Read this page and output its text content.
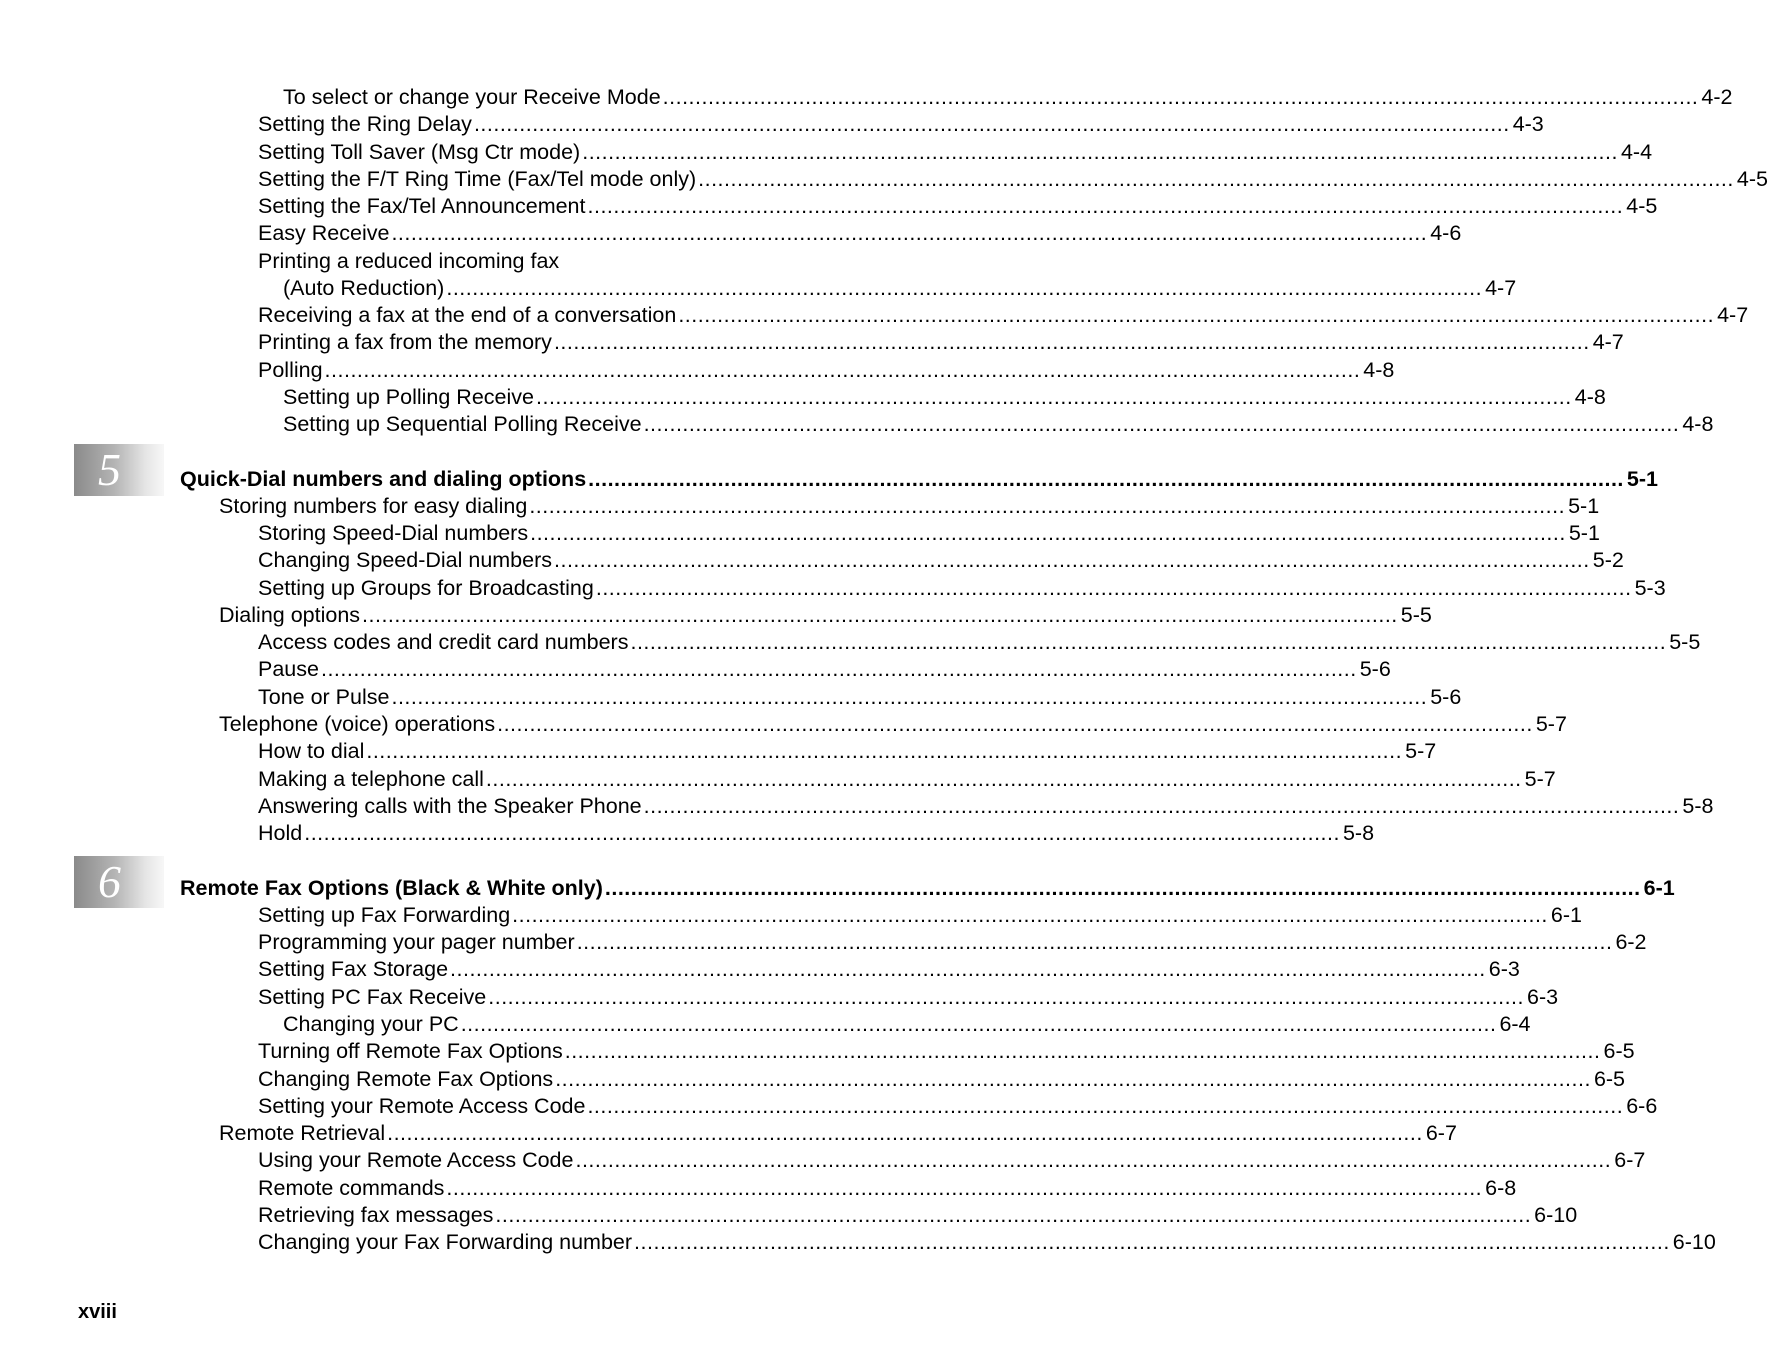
5
6
To select or change your Receive Mode ................................................................................................................................................................ 4-2
Setting the Ring Delay ................................................................................................................................................................ 4-3
Setting Toll Saver (Msg Ctr mode) ................................................................................................................................................................ 4-4
Setting the F/T Ring Time (Fax/Tel mode only) ................................................................................................................................................................ 4-5
Setting the Fax/Tel Announcement ................................................................................................................................................................ 4-5
Easy Receive ................................................................................................................................................................ 4-6
Printing a reduced incoming fax
(Auto Reduction) ................................................................................................................................................................ 4-7
Receiving a fax at the end of a conversation ................................................................................................................................................................ 4-7
Printing a fax from the memory ................................................................................................................................................................ 4-7
Polling ................................................................................................................................................................ 4-8
Setting up Polling Receive ................................................................................................................................................................ 4-8
Setting up Sequential Polling Receive ................................................................................................................................................................ 4-8
Quick-Dial numbers and dialing options ................................................................................................................................................................ 5-1
Storing numbers for easy dialing ................................................................................................................................................................ 5-1
Storing Speed-Dial numbers ................................................................................................................................................................ 5-1
Changing Speed-Dial numbers ................................................................................................................................................................ 5-2
Setting up Groups for Broadcasting ................................................................................................................................................................ 5-3
Dialing options ................................................................................................................................................................ 5-5
Access codes and credit card numbers ................................................................................................................................................................ 5-5
Pause ................................................................................................................................................................ 5-6
Tone or Pulse ................................................................................................................................................................ 5-6
Telephone (voice) operations ................................................................................................................................................................ 5-7
How to dial ................................................................................................................................................................ 5-7
Making a telephone call ................................................................................................................................................................ 5-7
Answering calls with the Speaker Phone ................................................................................................................................................................ 5-8
Hold ................................................................................................................................................................ 5-8
Remote Fax Options (Black & White only) ................................................................................................................................................................ 6-1
Setting up Fax Forwarding ................................................................................................................................................................ 6-1
Programming your pager number ................................................................................................................................................................ 6-2
Setting Fax Storage ................................................................................................................................................................ 6-3
Setting PC Fax Receive ................................................................................................................................................................ 6-3
Changing your PC ................................................................................................................................................................ 6-4
Turning off Remote Fax Options ................................................................................................................................................................ 6-5
Changing Remote Fax Options ................................................................................................................................................................ 6-5
Setting your Remote Access Code ................................................................................................................................................................ 6-6
Remote Retrieval ................................................................................................................................................................ 6-7
Using your Remote Access Code ................................................................................................................................................................ 6-7
Remote commands ................................................................................................................................................................ 6-8
Retrieving fax messages ................................................................................................................................................................ 6-10
Changing your Fax Forwarding number ................................................................................................................................................................ 6-10
xviii
